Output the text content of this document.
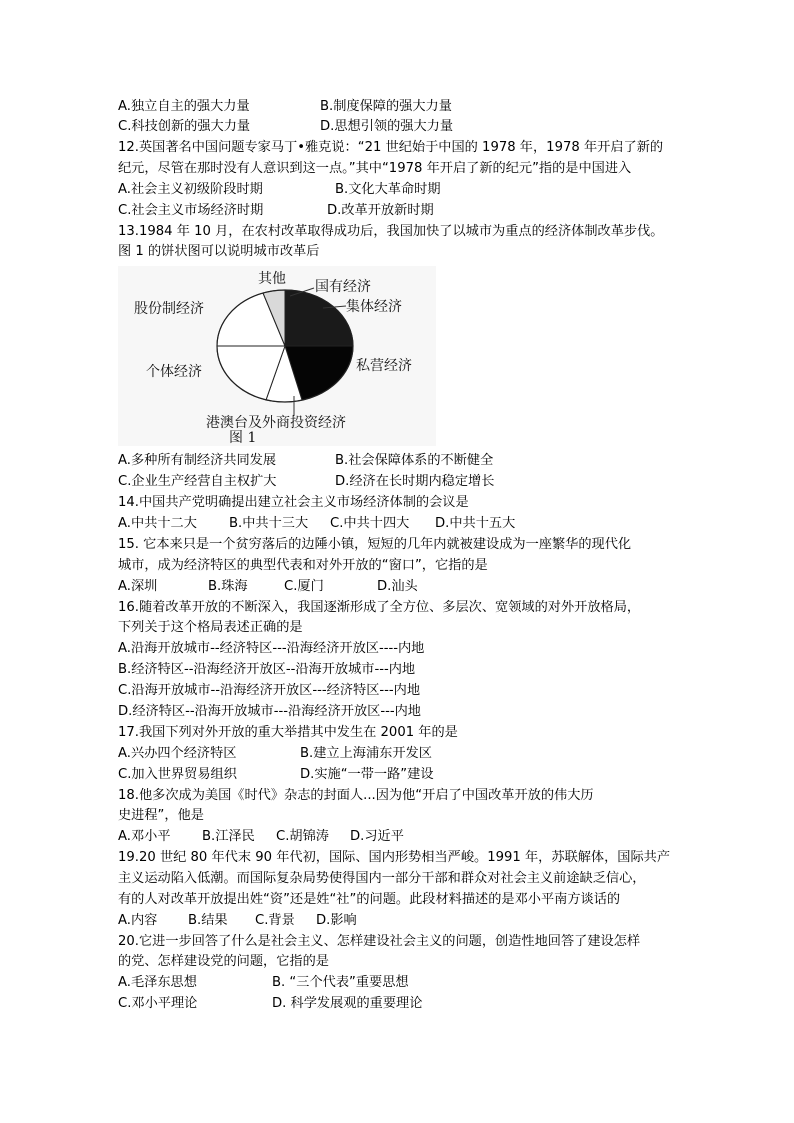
A.独立自主的强大力量	B.制度保障的强大力量
C.科技创新的强大力量	D.思想引领的强大力量
12.英国著名中国问题专家马丁•雅克说：“21 世纪始于中国的 1978 年，1978 年开启了新的
纪元，尽管在那时没有人意识到这一点。”其中“1978 年开启了新的纪元”指的是中国进入
A.社会主义初级阶段时期	B.文化大革命时期
C.社会主义市场经济时期	D.改革开放新时期
13.1984 年 10 月，在农村改革取得成功后，我国加快了以城市为重点的经济体制改革步伐。
图 1 的饼状图可以说明城市改革后
其他 国有经济
集体经济
私营经济
港澳台及外商投资经济
个体经济
股份制经济
图 1
A.多种所有制经济共同发展	B.社会保障体系的不断健全
C.企业生产经营自主权扩大	D.经济在长时期内稳定增长
14.中国共产党明确提出建立社会主义市场经济体制的会议是
A.中共十二大 B.中共十三大 C.中共十四大 D.中共十五大
15. 它本来只是一个贫穷落后的边陲小镇，短短的几年内就被建设成为一座繁华的现代化
城市，成为经济特区的典型代表和对外开放的“窗口”，它指的是
A.深圳	B.珠海	C.厦门	D.汕头
16.随着改革开放的不断深入，我国逐渐形成了全方位、多层次、宽领域的对外开放格局，
下列关于这个格局表述正确的是
A.沿海开放城市--经济特区---沿海经济开放区----内地
B.经济特区--沿海经济开放区--沿海开放城市---内地
C.沿海开放城市--沿海经济开放区---经济特区---内地
D.经济特区--沿海开放城市---沿海经济开放区---内地
17.我国下列对外开放的重大举措其中发生在 2001 年的是
A.兴办四个经济特区	B.建立上海浦东开发区
C.加入世界贸易组织	D.实施“一带一路”建设
18.他多次成为美国《时代》杂志的封面人...因为他“开启了中国改革开放的伟大历
史进程”，他是
A.邓小平 B.江泽民 C.胡锦涛 D.习近平
19.20 世纪 80 年代末 90 年代初，国际、国内形势相当严峻。1991 年，苏联解体，国际共产
主义运动陷入低潮。而国际复杂局势使得国内一部分干部和群众对社会主义前途缺乏信心，
有的人对改革开放提出姓“资”还是姓“社”的问题。此段材料描述的是邓小平南方谈话的
A.内容 B.结果 C.背景 D.影响
20.它进一步回答了什么是社会主义、怎样建设社会主义的问题，创造性地回答了建设怎样
的党、怎样建设党的问题，它指的是
A.毛泽东思想	B. “三个代表”重要思想
C.邓小平理论	D. 科学发展观的重要理论
